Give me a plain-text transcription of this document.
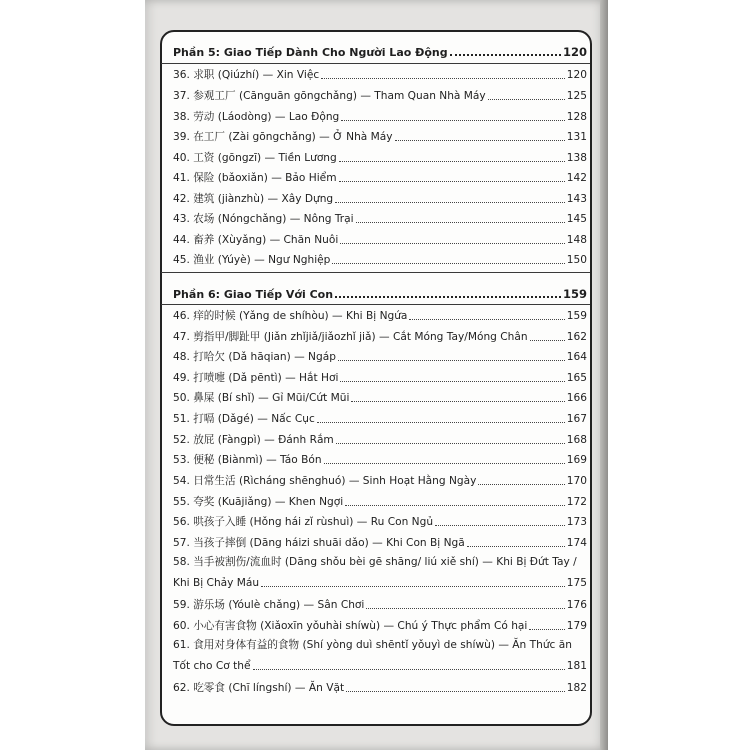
Phần 5: Giao Tiếp Dành Cho Người Lao Động	120
36. 求职 (Qiúzhí) — Xin Việc	120
37. 参观工厂 (Cānguān gōngchǎng) — Tham Quan Nhà Máy	125
38. 劳动 (Láodòng) — Lao Động	128
39. 在工厂 (Zài gōngchǎng) — Ở Nhà Máy	131
40. 工资 (gōngzī) — Tiền Lương	138
41. 保险 (bǎoxiǎn) — Bảo Hiểm	142
42. 建筑 (jiànzhù) — Xây Dựng	143
43. 农场 (Nóngchǎng) — Nông Trại	145
44. 畜养 (Xùyǎng) — Chăn Nuôi	148
45. 渔业 (Yúyè) — Ngư Nghiệp	150
Phần 6: Giao Tiếp Với Con	159
46. 痒的时候 (Yǎng de shíhòu) — Khi Bị Ngứa	159
47. 剪指甲/脚趾甲 (Jiǎn zhǐjiǎ/jiǎozhǐ jiǎ) — Cắt Móng Tay/Móng Chân	162
48. 打哈欠 (Dǎ hāqian) — Ngáp	164
49. 打喷嚏 (Dǎ pēntì) — Hắt Hơi	165
50. 鼻屎 (Bí shǐ) — Gỉ Mũi/Cứt Mũi	166
51. 打嗝 (Dǎgé) — Nấc Cục	167
52. 放屁 (Fàngpì) — Đánh Rắm	168
53. 便秘 (Biànmì) — Táo Bón	169
54. 日常生活 (Rìcháng shēnghuó) — Sinh Hoạt Hằng Ngày	170
55. 夸奖 (Kuājiǎng) — Khen Ngợi	172
56. 哄孩子入睡 (Hǒng hái zǐ rùshuì) — Ru Con Ngủ	173
57. 当孩子摔倒 (Dāng háizi shuāi dǎo) — Khi Con Bị Ngã	174
58. 当手被割伤/流血时 (Dāng shǒu bèi gē shāng/ liú xiě shí) — Khi Bị Đứt Tay /
Khi Bị Chảy Máu	175
59. 游乐场 (Yóulè chǎng) — Sân Chơi	176
60. 小心有害食物 (Xiǎoxīn yǒuhài shíwù) — Chú ý Thực phẩm Có hại	179
61. 食用对身体有益的食物 (Shí yòng duì shēntǐ yǒuyì de shíwù) — Ăn Thức ăn
Tốt cho Cơ thể	181
62. 吃零食 (Chī língshí) — Ăn Vặt	182
